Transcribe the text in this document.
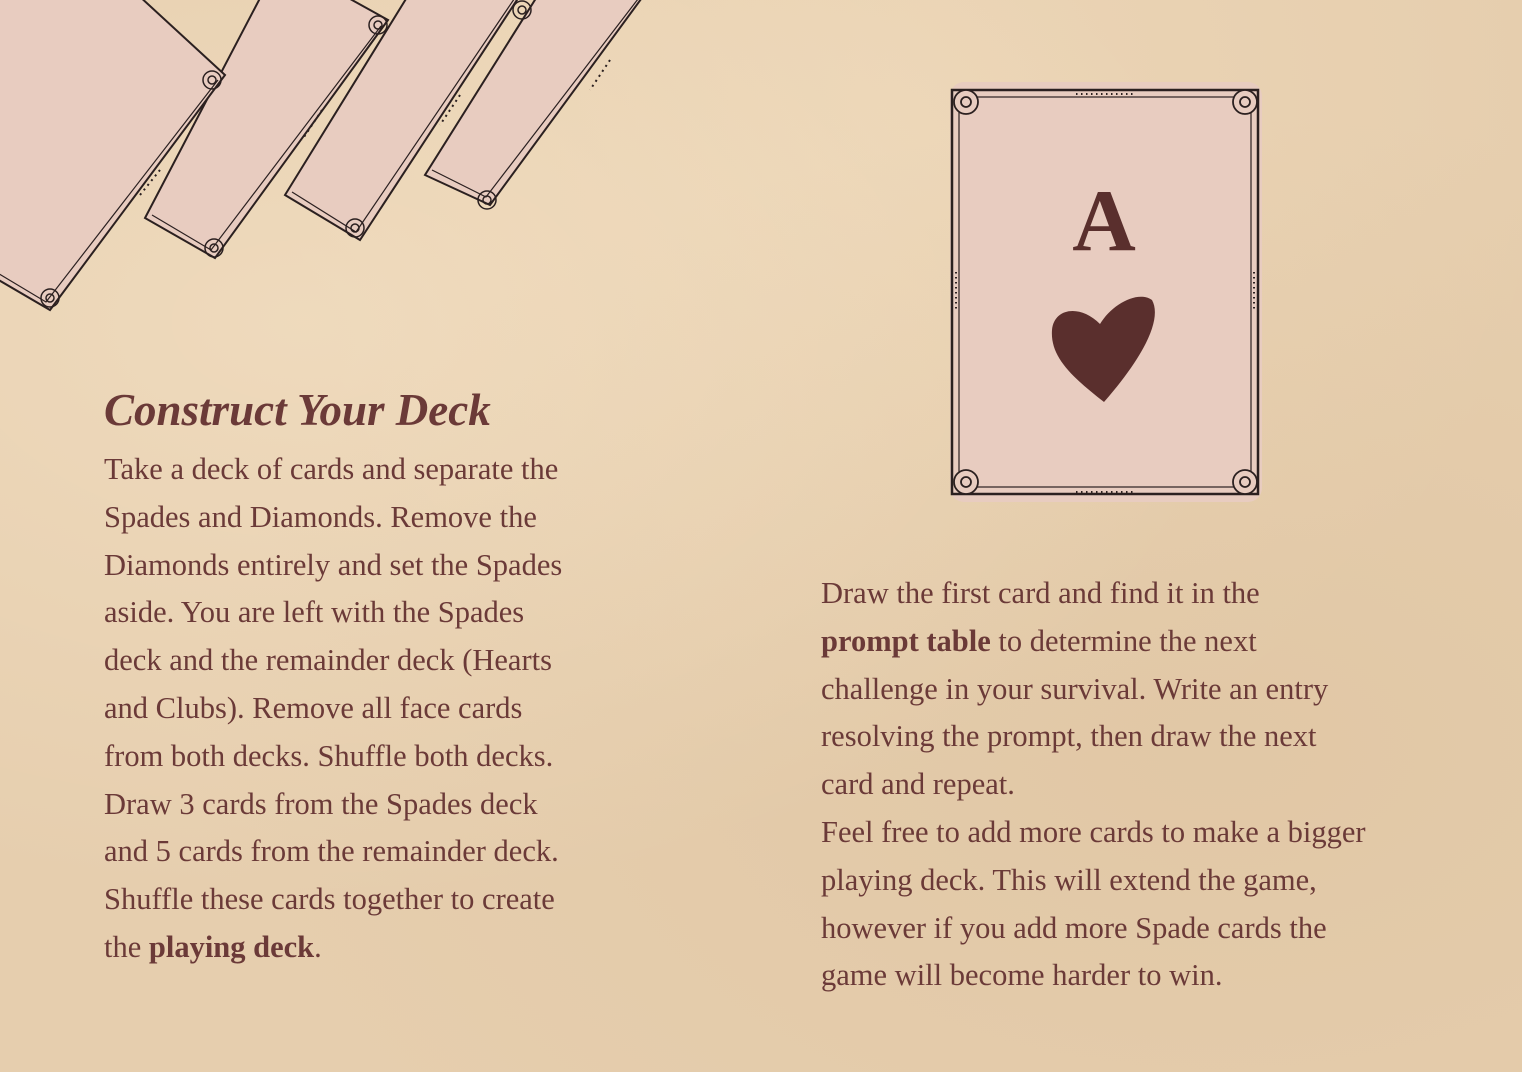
A
Construct Your Deck

Take a deck of cards and separate the
Spades and Diamonds. Remove the
Diamonds entirely and set the Spades
aside. You are left with the Spades
deck and the remainder deck (Hearts
and Clubs). Remove all face cards
from both decks. Shuffle both decks.
Draw 3 cards from the Spades deck
and 5 cards from the remainder deck.
Shuffle these cards together to create
the playing deck.

Draw the first card and find it in the
prompt table to determine the next
challenge in your survival. Write an entry
resolving the prompt, then draw the next
card and repeat.
Feel free to add more cards to make a bigger
playing deck. This will extend the game,
however if you add more Spade cards the
game will become harder to win.
